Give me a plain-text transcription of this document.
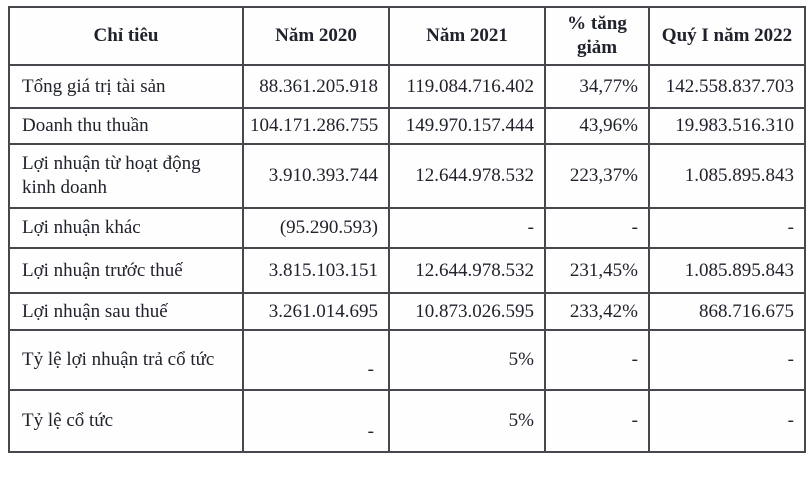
Chỉ tiêu	Năm 2020	Năm 2021	% tăng giảm	Quý I năm 2022
Tổng giá trị tài sản	88.361.205.918	119.084.716.402	34,77%	142.558.837.703
Doanh thu thuần	104.171.286.755	149.970.157.444	43,96%	19.983.516.310
Lợi nhuận từ hoạt động kinh doanh	3.910.393.744	12.644.978.532	223,37%	1.085.895.843
Lợi nhuận khác	(95.290.593)	-	-	-
Lợi nhuận trước thuế	3.815.103.151	12.644.978.532	231,45%	1.085.895.843
Lợi nhuận sau thuế	3.261.014.695	10.873.026.595	233,42%	868.716.675
Tỷ lệ lợi nhuận trả cổ tức	-	5%	-	-
Tỷ lệ cổ tức	-	5%	-	-
